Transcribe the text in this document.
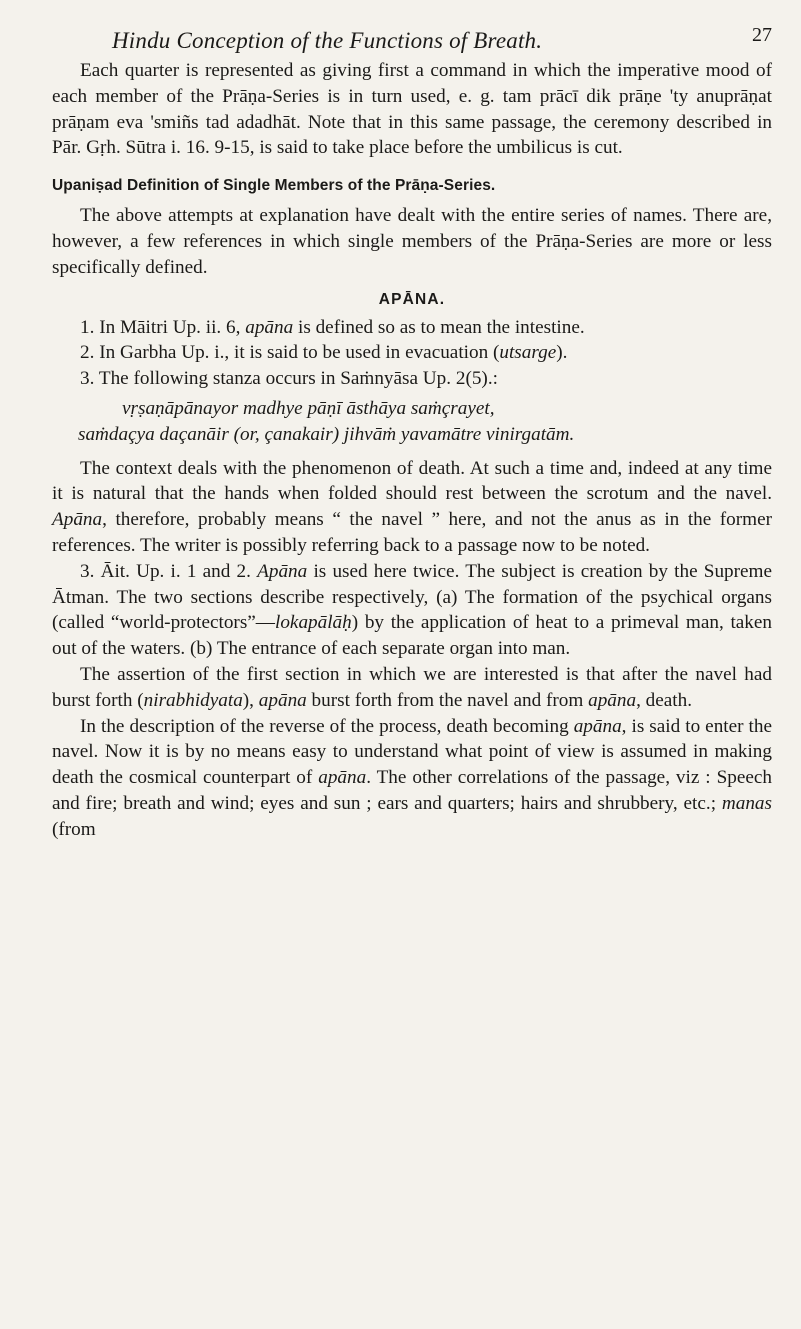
Hindu Conception of the Functions of Breath.	27

Each quarter is represented as giving first a command in which the imperative mood of each member of the Prāṇa-Series is in turn used, e. g. tam prācī dik prāṇe 'ty anuprāṇat prāṇam eva 'smiñs tad adadhāt. Note that in this same passage, the ceremony described in Pār. Gṛh. Sūtra i. 16. 9-15, is said to take place before the umbilicus is cut.

Upaniṣad Definition of Single Members of the Prāṇa-Series.

The above attempts at explanation have dealt with the entire series of names. There are, however, a few references in which single members of the Prāṇa-Series are more or less specifically defined.

APĀNA.

1. In Māitri Up. ii. 6, apāna is defined so as to mean the intestine.

2. In Garbha Up. i., it is said to be used in evacuation (utsarge).

3. The following stanza occurs in Saṁnyāsa Up. 2(5).:

vṛṣaṇāpānayor madhye pāṇī āsthāya saṁçrayet,
saṁdaçya daçanāir (or, çanakair) jihvāṁ yavamātre vinirgatām.

The context deals with the phenomenon of death. At such a time and, indeed at any time it is natural that the hands when folded should rest between the scrotum and the navel. Apāna, therefore, probably means “ the navel ” here, and not the anus as in the former references. The writer is possibly referring back to a passage now to be noted.

3. Āit. Up. i. 1 and 2. Apāna is used here twice. The subject is creation by the Supreme Ātman. The two sections describe respectively, (a) The formation of the psychical organs (called “world-protectors”—lokapālāḥ) by the application of heat to a primeval man, taken out of the waters. (b) The entrance of each separate organ into man.

The assertion of the first section in which we are interested is that after the navel had burst forth (nirabhidyata), apāna burst forth from the navel and from apāna, death.

In the description of the reverse of the process, death becoming apāna, is said to enter the navel. Now it is by no means easy to understand what point of view is assumed in making death the cosmical counterpart of apāna. The other correlations of the passage, viz : Speech and fire; breath and wind; eyes and sun ; ears and quarters; hairs and shrubbery, etc.; manas (from
